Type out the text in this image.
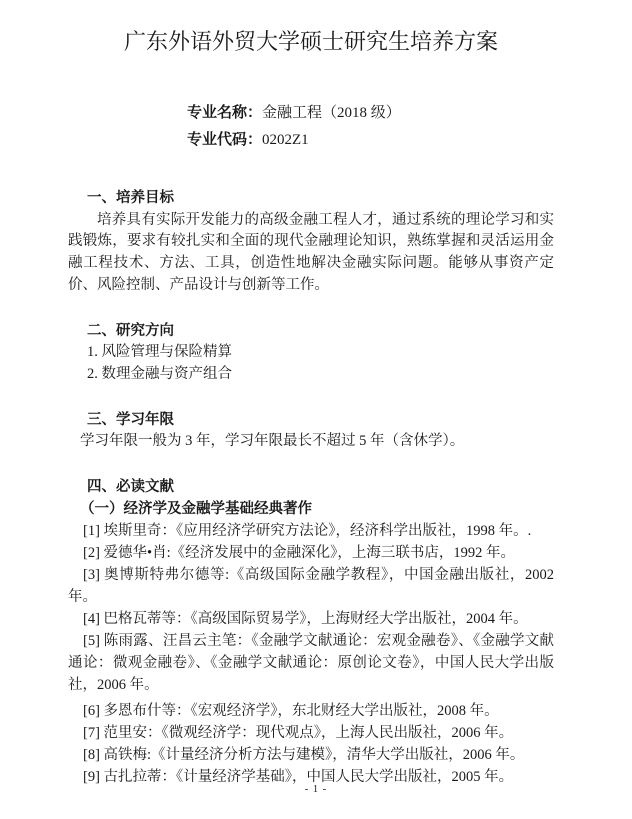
广东外语外贸大学硕士研究生培养方案
专业名称：金融工程（2018 级）
专业代码：0202Z1
一、培养目标

培养具有实际开发能力的高级金融工程人才，通过系统的理论学习和实践锻炼，要求有较扎实和全面的现代金融理论知识，熟练掌握和灵活运用金融工程技术、方法、工具，创造性地解决金融实际问题。能够从事资产定价、风险控制、产品设计与创新等工作。

二、研究方向

1. 风险管理与保险精算

2. 数理金融与资产组合

三、学习年限

学习年限一般为 3 年，学习年限最长不超过 5 年（含休学）。

四、必读文献
（一）经济学及金融学基础经典著作

[1] 埃斯里奇：《应用经济学研究方法论》，经济科学出版社，1998 年。.

[2] 爱德华•肖:《经济发展中的金融深化》，上海三联书店，1992 年。

[3] 奥博斯特弗尔德等:《高级国际金融学教程》，中国金融出版社，2002 年。

[4] 巴格瓦蒂等：《高级国际贸易学》，上海财经大学出版社，2004 年。

[5] 陈雨露、汪昌云主笔：《金融学文献通论：宏观金融卷》、《金融学文献通论：微观金融卷》、《金融学文献通论：原创论文卷》，中国人民大学出版社，2006 年。

[6] 多恩布什等：《宏观经济学》，东北财经大学出版社，2008 年。

[7] 范里安：《微观经济学：现代观点》，上海人民出版社，2006 年。

[8] 高铁梅:《计量经济分析方法与建模》，清华大学出版社，2006 年。

[9] 古扎拉蒂：《计量经济学基础》，中国人民大学出版社，2005 年。

- 1 -
